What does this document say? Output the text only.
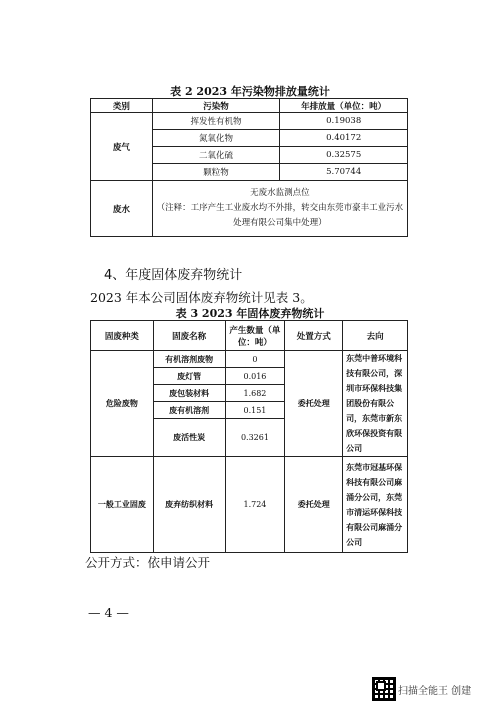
表 2 2023 年污染物排放量统计
类别	污染物	年排放量（单位：吨）
废气	挥发性有机物	0.19038
	氮氧化物	0.40172
	二氧化硫	0.32575
	颗粒物	5.70744
废水	无废水监测点位
（注释：工序产生工业废水均不外排，转交由东莞市豪丰工业污水处理有限公司集中处理）	
4、年度固体废弃物统计
2023 年本公司固体废弃物统计见表 3。
表 3 2023 年固体废弃物统计
固废种类	固废名称	产生数量（单位：吨）	处置方式	去向
危险废物	有机溶剂废物	0	委托处理	东莞中普环境科技有限公司，深圳市环保科技集团股份有限公司，东莞市新东欣环保投资有限公司
	废灯管	0.016		
	废包装材料	1.682		
	废有机溶剂	0.151		
	废活性炭	0.3261		
一般工业固废	废弃纺织材料	1.724	委托处理	东莞市冠基环保科技有限公司麻涌分公司，东莞市清运环保科技有限公司麻涌分公司
公开方式：依申请公开
— 4 —
扫描全能王 创建
